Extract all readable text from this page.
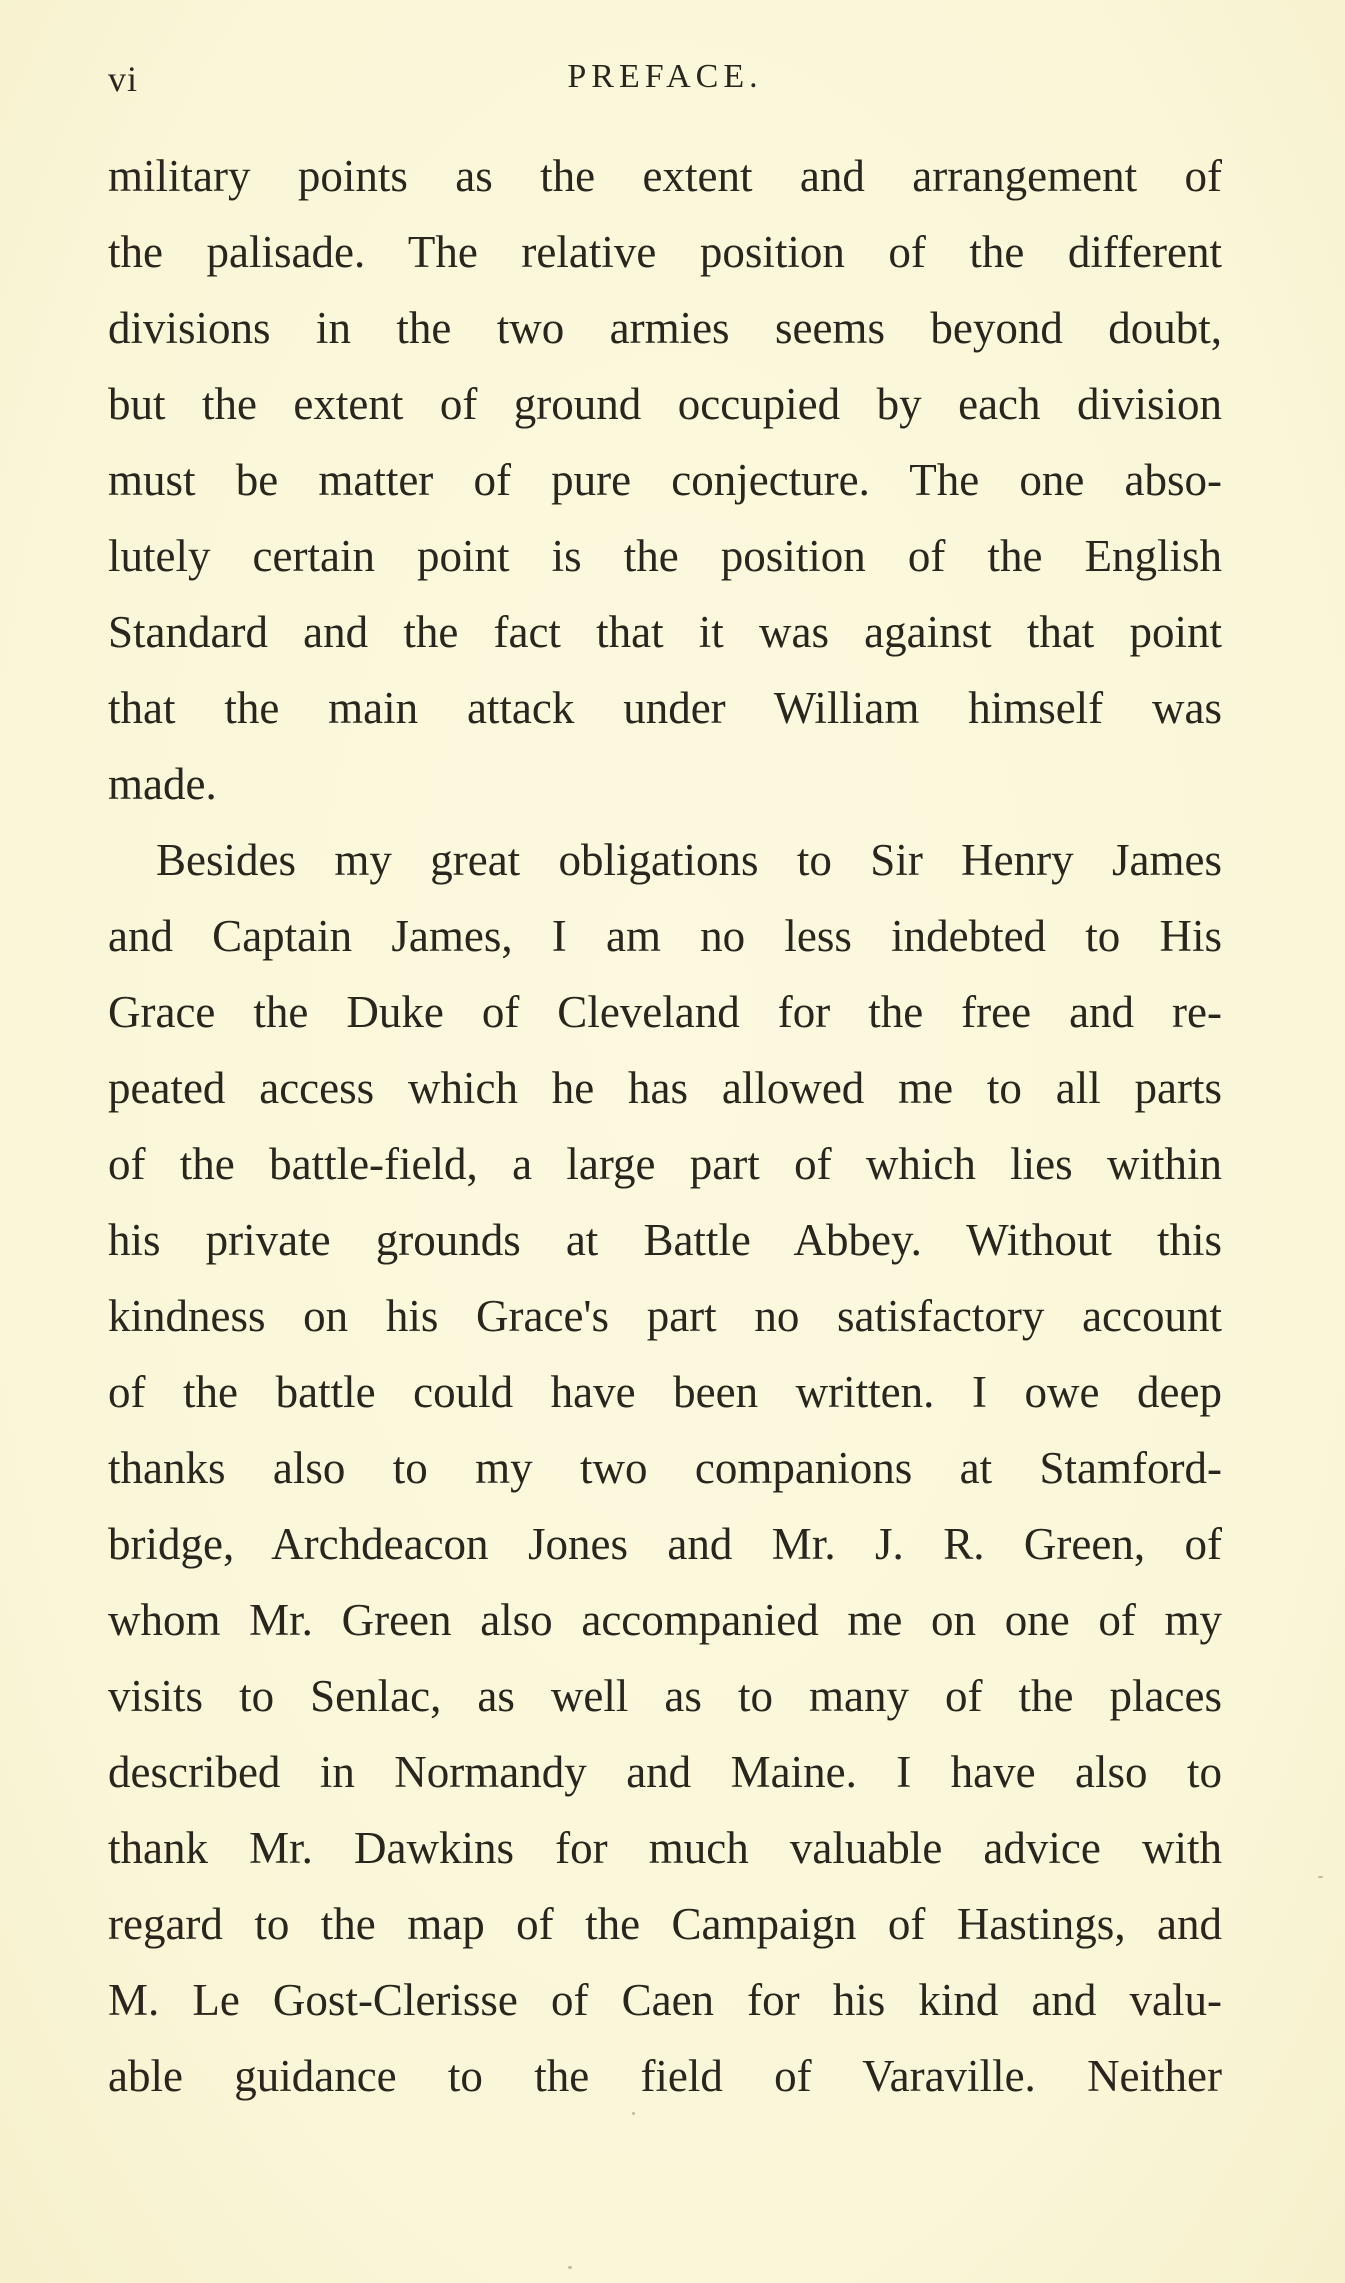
vi	PREFACE.
military points as the extent and arrangement of
the palisade. The relative position of the different
divisions in the two armies seems beyond doubt,
but the extent of ground occupied by each division
must be matter of pure conjecture. The one abso-
lutely certain point is the position of the English
Standard and the fact that it was against that point
that the main attack under William himself was
made.
Besides my great obligations to Sir Henry James
and Captain James, I am no less indebted to His
Grace the Duke of Cleveland for the free and re-
peated access which he has allowed me to all parts
of the battle-field, a large part of which lies within
his private grounds at Battle Abbey. Without this
kindness on his Grace's part no satisfactory account
of the battle could have been written. I owe deep
thanks also to my two companions at Stamford-
bridge, Archdeacon Jones and Mr. J. R. Green, of
whom Mr. Green also accompanied me on one of my
visits to Senlac, as well as to many of the places
described in Normandy and Maine. I have also to
thank Mr. Dawkins for much valuable advice with
regard to the map of the Campaign of Hastings, and
M. Le Gost-Clerisse of Caen for his kind and valu-
able guidance to the field of Varaville. Neither
